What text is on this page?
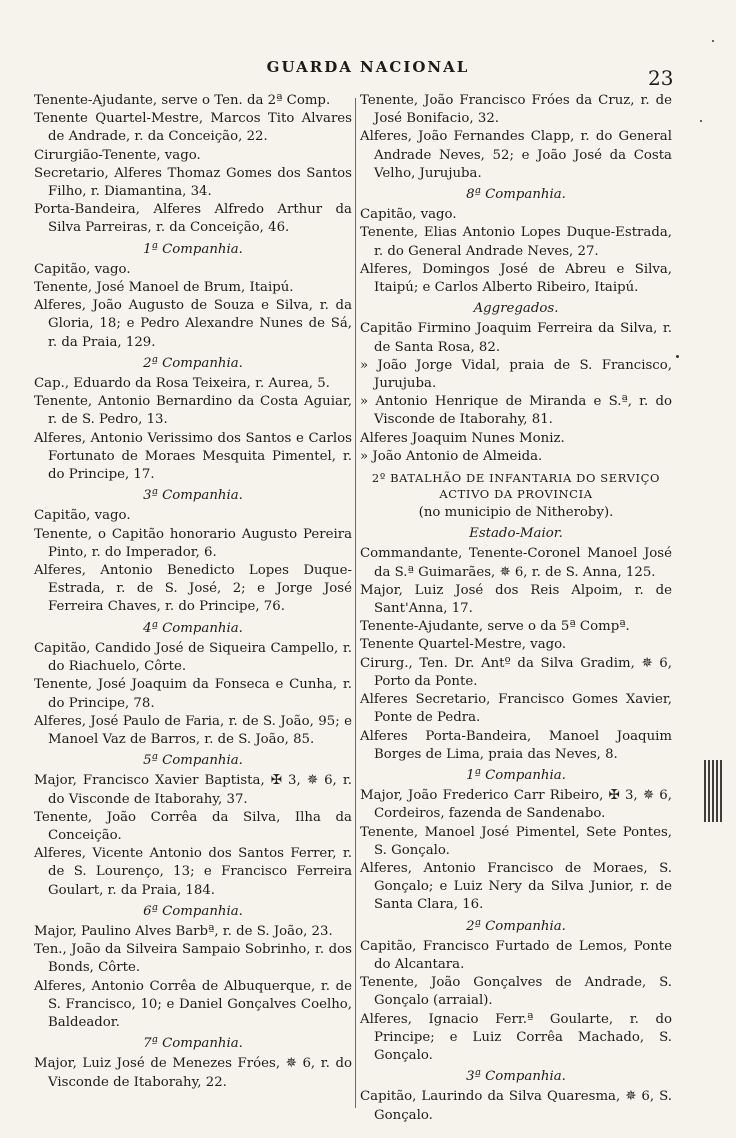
GUARDA NACIONAL	23
Tenente-Ajudante, serve o Ten. da 2ª Comp.
Tenente Quartel-Mestre, Marcos Tito Alvares de Andrade, r. da Conceição, 22.
Cirurgião-Tenente, vago.
Secretario, Alferes Thomaz Gomes dos Santos Filho, r. Diamantina, 34.
Porta-Bandeira, Alferes Alfredo Arthur da Silva Parreiras, r. da Conceição, 46.
1ª Companhia.
Capitão, vago.
Tenente, José Manoel de Brum, Itaipú.
Alferes, João Augusto de Souza e Silva, r. da Gloria, 18; e Pedro Alexandre Nunes de Sá, r. da Praia, 129.
2ª Companhia.
Cap., Eduardo da Rosa Teixeira, r. Aurea, 5.
Tenente, Antonio Bernardino da Costa Aguiar, r. de S. Pedro, 13.
Alferes, Antonio Verissimo dos Santos e Carlos Fortunato de Moraes Mesquita Pimentel, r. do Principe, 17.
3ª Companhia.
Capitão, vago.
Tenente, o Capitão honorario Augusto Pereira Pinto, r. do Imperador, 6.
Alferes, Antonio Benedicto Lopes Duque-Estrada, r. de S. José, 2; e Jorge José Ferreira Chaves, r. do Principe, 76.
4ª Companhia.
Capitão, Candido José de Siqueira Campello, r. do Riachuelo, Côrte.
Tenente, José Joaquim da Fonseca e Cunha, r. do Principe, 78.
Alferes, José Paulo de Faria, r. de S. João, 95; e Manoel Vaz de Barros, r. de S. João, 85.
5ª Companhia.
Major, Francisco Xavier Baptista, ✠ 3, ✵ 6, r. do Visconde de Itaborahy, 37.
Tenente, João Corrêa da Silva, Ilha da Conceição.
Alferes, Vicente Antonio dos Santos Ferrer, r. de S. Lourenço, 13; e Francisco Ferreira Goulart, r. da Praia, 184.
6ª Companhia.
Major, Paulino Alves Barbª, r. de S. João, 23.
Ten., João da Silveira Sampaio Sobrinho, r. dos Bonds, Côrte.
Alferes, Antonio Corrêa de Albuquerque, r. de S. Francisco, 10; e Daniel Gonçalves Coelho, Baldeador.
7ª Companhia.
Major, Luiz José de Menezes Fróes, ✵ 6, r. do Visconde de Itaborahy, 22.
Tenente, João Francisco Fróes da Cruz, r. de José Bonifacio, 32.
Alferes, João Fernandes Clapp, r. do General Andrade Neves, 52; e João José da Costa Velho, Jurujuba.
8ª Companhia.
Capitão, vago.
Tenente, Elias Antonio Lopes Duque-Estrada, r. do General Andrade Neves, 27.
Alferes, Domingos José de Abreu e Silva, Itaipú; e Carlos Alberto Ribeiro, Itaipú.
Aggregados.
Capitão Firmino Joaquim Ferreira da Silva, r. de Santa Rosa, 82.
» João Jorge Vidal, praia de S. Francisco, Jurujuba.
» Antonio Henrique de Miranda e S.ª, r. do Visconde de Itaborahy, 81.
Alferes Joaquim Nunes Moniz.
» João Antonio de Almeida.
2º BATALHÃO DE INFANTARIA DO SERVIÇO ACTIVO DA PROVINCIA
(no municipio de Nitheroby).
Estado-Maior.
Commandante, Tenente-Coronel Manoel José da S.ª Guimarães, ✵ 6, r. de S. Anna, 125.
Major, Luiz José dos Reis Alpoim, r. de Sant'Anna, 17.
Tenente-Ajudante, serve o da 5ª Compª.
Tenente Quartel-Mestre, vago.
Cirurg., Ten. Dr. Antº da Silva Gradim, ✵ 6, Porto da Ponte.
Alferes Secretario, Francisco Gomes Xavier, Ponte de Pedra.
Alferes Porta-Bandeira, Manoel Joaquim Borges de Lima, praia das Neves, 8.
1ª Companhia.
Major, João Frederico Carr Ribeiro, ✠ 3, ✵ 6, Cordeiros, fazenda de Sandenabo.
Tenente, Manoel José Pimentel, Sete Pontes, S. Gonçalo.
Alferes, Antonio Francisco de Moraes, S. Gonçalo; e Luiz Nery da Silva Junior, r. de Santa Clara, 16.
2ª Companhia.
Capitão, Francisco Furtado de Lemos, Ponte do Alcantara.
Tenente, João Gonçalves de Andrade, S. Gonçalo (arraial).
Alferes, Ignacio Ferr.ª Goularte, r. do Principe; e Luiz Corrêa Machado, S. Gonçalo.
3ª Companhia.
Capitão, Laurindo da Silva Quaresma, ✵ 6, S. Gonçalo.
